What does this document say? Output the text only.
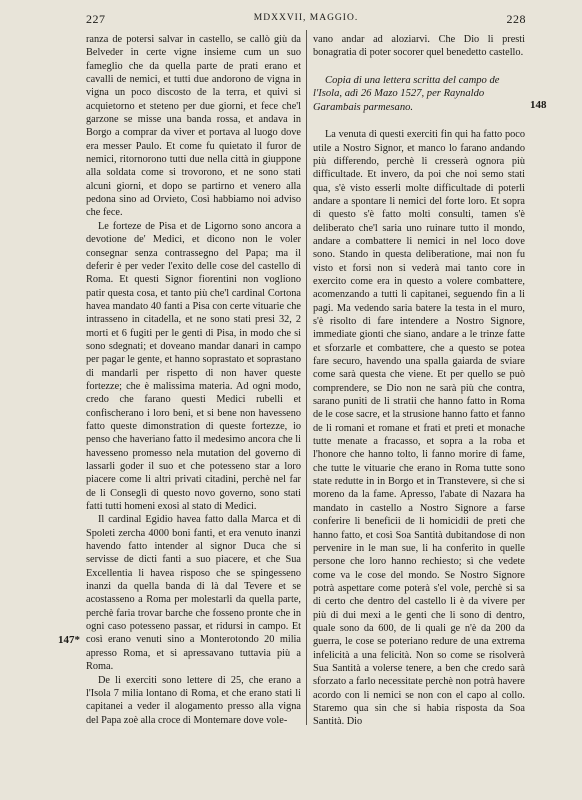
227	MDXXVII, MAGGIO.	228

ranza de potersi salvar in castello, se callò giù da Belveder in certe vigne insieme cum un suo fameglio che da quella parte de prati erano et cavalli de nemici, et tutti due andorono de vigna in vigna un poco discosto de la terra, et quivi si acquietorno et steteno per due giorni, et fece che'l garzone se misse una banda rossa, et andava in Borgo a comprar da viver et portava al luogo dove era messer Paulo. Et come fu quietato il furor de nemici, ritornorono tutti due nella città in giuppone alla soldata come si trovorono, et ne sono stati alcuni giorni, et dopo se partirno et venero alla pedona sino ad Orvieto, Così habbiamo noi adviso che fece.

Le forteze de Pisa et de Ligorno sono ancora a devotione de' Medici, et dicono non le voler consegnar senza contrassegno del Papa; ma il deferir è per veder l'exito delle cose del castello di Roma. Et questi Signor fiorentini non vogliono patir questa cosa, et tanto più che'l cardinal Cortona havea mandato 40 fanti a Pisa con certe vituarie che intrasseno in citadella, et ne sono stati presi 32, 2 morti et 6 fugiti per le genti di Pisa, in modo che si sono sdegnati; et doveano mandar danari in campo per pagar le gente, et hanno soprastato et soprastano di mandarli per rispetto di non haver queste fortezze; che è malissima materia. Ad ogni modo, credo che farano questi Medici rubelli et confischerano i loro beni, et si bene non havesseno fatto queste dimonstration di queste fortezze, io penso che haveriano fatto il medesimo ancora che li havesseno promesso nela mutation del governo di lassarli goder il suo et che potesseno star a loro piacere come li altri privati citadini, perchè nel far de li Conseglì di questo novo governo, sono stati fatti tutti homeni exosi al stato di Medici.

Il cardinal Egidio havea fatto dalla Marca et di Spoleti zercha 4000 boni fanti, et era venuto inanzi havendo fatto intender al signor Duca che si servisse de dicti fanti a suo piacere, et che Sua Excellentia li havea risposo che se spingesseno inanzi da quella banda di là dal Tevere et se acostasseno a Roma per molestarli da quella parte, perchè faria trovar barche che fosseno pronte che in ogni caso potesseno passar, et ridursi in campo. Et così erano venuti sino a Monterotondo 20 milia apresso Roma, et si apressavano tuttavia più a Roma.

De li exerciti sono lettere di 25, che erano a l'Isola 7 milia lontano di Roma, et che erano stati li capitanei a veder il alogamento presso alla vigna del Papa zoè alla croce di Montemare dove vole-

vano andar ad aloziarvi. Che Dio li presti bonagratia di poter socorer quel benedetto castello.

Copia di una lettera scritta del campo de l'Isola, adì 26 Mazo 1527, per Raynaldo Garambais parmesano.

La venuta di questi exerciti fin qui ha fatto poco utile a Nostro Signor, et manco lo farano andando più differendo, perchè li cresserà ognora più difficultade. Et invero, da poi che noi semo stati qua, s'è visto esserli molte difficultade di poterli andare a spontare li nemici del forte loro. Et sopra di questo s'è fatto molti consulti, tamen s'è deliberato che'l saria uno ruinare tutto il mondo, andare a combattere li nemici in nel loco dove sono. Stando in questa deliberatione, mai non fu visto et forsi non si vederà mai tanto core in exercito come era in questo a volere combattere, acomenzando a tutti li capitanei, seguendo fin a li pagi. Ma vedendo saria batere la testa in el muro, s'è risolto di fare intendere a Nostro Signore, immediate gionti che siano, andare a le trinze fatte et sforzarle et combattere, che a questo se potea fare securo, havendo una spalla gaiarda de sviare come sarà questa che viene. Et per quello se può comprendere, se Dio non ne sarà più che contra, sarano puniti de li stratii che hanno fatto in Roma de le cose sacre, et la strusione hanno fatto et fanno de li romani et romane et frati et preti et monache tutte menate a fracasso, et sopra a la roba et l'honore che hanno tolto, li fanno morire di fame, che tutte le vituarie che erano in Roma tutte sono state redutte in in Borgo et in Transtevere, sì che si moreno da la fame. Apresso, l'abate di Nazara ha mandato in castello a Nostro Signore a farse conferire li beneficii de li homicidii de preti che hanno fatto, et così Soa Santità dubitandose di non pervenire in le man sue, li ha conferito in quelle persone che loro hanno rechiesto; sì che vedete come va le cose del mondo. Se Nostro Signore potrà aspettare come poterà s'el vole, perchè si sa di certo che dentro del castello li è da vivere per più di dui mexi a le genti che li sono di dentro, quale sono da 600, de li quali ge n'è da 200 da guerra, le cose se poteriano redure de una extrema infelicità a una felicità. Non so come se risolverà Sua Santità a volerse tenere, a ben che credo sarà sforzato a farlo necessitate perchè non potrà havere acordo con li nemici se non con el capo al collo. Staremo qua sin che si habia risposta da Soa Santità. Dio

147*
148
